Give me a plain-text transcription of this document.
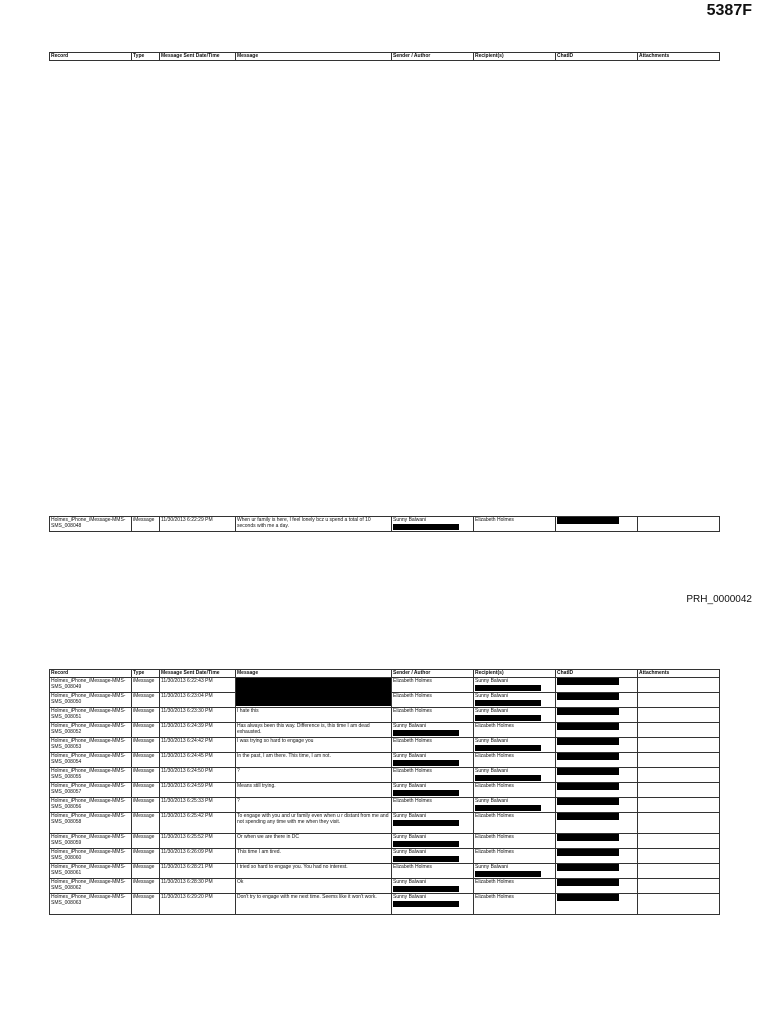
5387F
Record	Type	Message Sent Date/Time	Message	Sender / Author	Recipient(s)	ChatID	Attachments
Holmes_iPhone_iMessage-MMS-SMS_008048	iMessage	11/30/2013 6:22:29 PM	When ur family is here, I feel lonely bcz u spend a total of 10 seconds with me a day.	Sunny Balwani	Elizabeth Holmes	

PRH_0000042
Record	Type	Message Sent Date/Time	Message	Sender / Author	Recipient(s)	ChatID	Attachments
Holmes_iPhone_iMessage-MMS-SMS_008049	iMessage	11/30/2013 6:22:43 PM		Elizabeth Holmes	Sunny Balwani

Holmes_iPhone_iMessage-MMS-SMS_008050	iMessage	11/30/2013 6:23:04 PM		Elizabeth Holmes	Sunny Balwani

Holmes_iPhone_iMessage-MMS-SMS_008051	iMessage	11/30/2013 6:23:30 PM	I hate this	Elizabeth Holmes	Sunny Balwani

Holmes_iPhone_iMessage-MMS-SMS_008052	iMessage	11/30/2013 6:24:39 PM	Has always been this way. Difference is, this time I am dead exhausted.	Sunny Balwani	Elizabeth Holmes	

Holmes_iPhone_iMessage-MMS-SMS_008053	iMessage	11/30/2013 6:24:42 PM	I was trying so hard to engage you	Elizabeth Holmes	Sunny Balwani

Holmes_iPhone_iMessage-MMS-SMS_008054	iMessage	11/30/2013 6:24:45 PM	In the past, I am there. This time, I am not.	Sunny Balwani	Elizabeth Holmes	

Holmes_iPhone_iMessage-MMS-SMS_008055	iMessage	11/30/2013 6:24:50 PM	?	Elizabeth Holmes	Sunny Balwani

Holmes_iPhone_iMessage-MMS-SMS_008057	iMessage	11/30/2013 6:24:59 PM	Means still trying.	Sunny Balwani	Elizabeth Holmes	

Holmes_iPhone_iMessage-MMS-SMS_008056	iMessage	11/30/2013 6:25:33 PM	?	Elizabeth Holmes	Sunny Balwani

Holmes_iPhone_iMessage-MMS-SMS_008058	iMessage	11/30/2013 6:25:42 PM	To engage with you and ur family even when u r distant from me and not spending any time with me when they visit.	Sunny Balwani	Elizabeth Holmes	

Holmes_iPhone_iMessage-MMS-SMS_008059	iMessage	11/30/2013 6:25:52 PM	Or when we are there in DC	Sunny Balwani	Elizabeth Holmes	

Holmes_iPhone_iMessage-MMS-SMS_008060	iMessage	11/30/2013 6:26:09 PM	This time I am tired.	Sunny Balwani	Elizabeth Holmes	

Holmes_iPhone_iMessage-MMS-SMS_008061	iMessage	11/30/2013 6:28:21 PM	I tried so hard to engage you. You had no interest.	Elizabeth Holmes	Sunny Balwani

Holmes_iPhone_iMessage-MMS-SMS_008062	iMessage	11/30/2013 6:28:30 PM	Ok	Sunny Balwani	Elizabeth Holmes	

Holmes_iPhone_iMessage-MMS-SMS_008063	iMessage	11/30/2013 6:29:20 PM	Don't try to engage with me next time. Seems like it won't work.	Sunny Balwani	Elizabeth Holmes	
